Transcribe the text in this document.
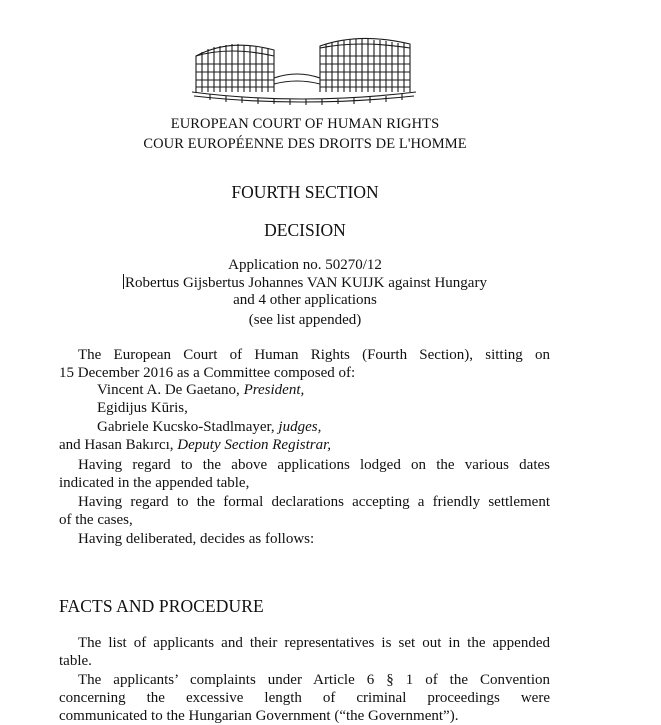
EUROPEAN COURT OF HUMAN RIGHTS
COUR EUROPÉENNE DES DROITS DE L'HOMME
FOURTH SECTION
DECISION
Application no. 50270/12
Robertus Gijsbertus Johannes VAN KUIJK against Hungary
and 4 other applications
(see list appended)

The European Court of Human Rights (Fourth Section), sitting on

15 December 2016 as a Committee composed of:

Vincent A. De Gaetano, President,
Egidijus Kūris,
Gabriele Kucsko-Stadlmayer, judges,
and Hasan Bakırcı, Deputy Section Registrar,

Having regard to the above applications lodged on the various dates

indicated in the appended table,

Having regard to the formal declarations accepting a friendly settlement

of the cases,

Having deliberated, decides as follows:

FACTS AND PROCEDURE

The list of applicants and their representatives is set out in the appended

table.

The applicants’ complaints under Article 6 § 1 of the Convention

concerning the excessive length of criminal proceedings were

communicated to the Hungarian Government (“the Government”).
